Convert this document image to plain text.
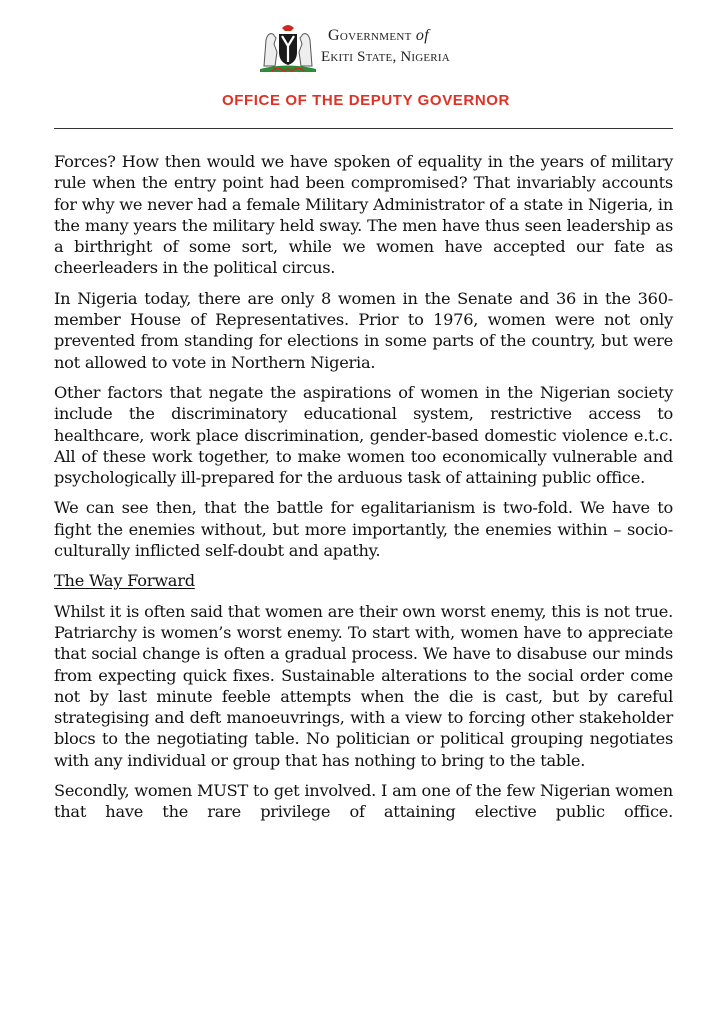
Government of
Ekiti State, Nigeria
OFFICE OF THE DEPUTY GOVERNOR

Forces? How then would we have spoken of equality in the years of military rule when the entry point had been compromised? That invariably accounts for why we never had a female Military Administrator of a state in Nigeria, in the many years the military held sway. The men have thus seen leadership as a birthright of some sort, while we women have accepted our fate as cheerleaders in the political circus.

In Nigeria today, there are only 8 women in the Senate and 36 in the 360-member House of Representatives. Prior to 1976, women were not only prevented from standing for elections in some parts of the country, but were not allowed to vote in Northern Nigeria.

Other factors that negate the aspirations of women in the Nigerian society include the discriminatory educational system, restrictive access to healthcare, work place discrimination, gender-based domestic violence e.t.c. All of these work together, to make women too economically vulnerable and psychologically ill-prepared for the arduous task of attaining public office.

We can see then, that the battle for egalitarianism is two-fold. We have to fight the enemies without, but more importantly, the enemies within – socio-culturally inflicted self-doubt and apathy.

The Way Forward

Whilst it is often said that women are their own worst enemy, this is not true. Patriarchy is women’s worst enemy. To start with, women have to appreciate that social change is often a gradual process. We have to disabuse our minds from expecting quick fixes. Sustainable alterations to the social order come not by last minute feeble attempts when the die is cast, but by careful strategising and deft manoeuvrings, with a view to forcing other stakeholder blocs to the negotiating table. No politician or political grouping negotiates with any individual or group that has nothing to bring to the table.

Secondly, women MUST to get involved. I am one of the few Nigerian women that have the rare privilege of attaining elective public office.
